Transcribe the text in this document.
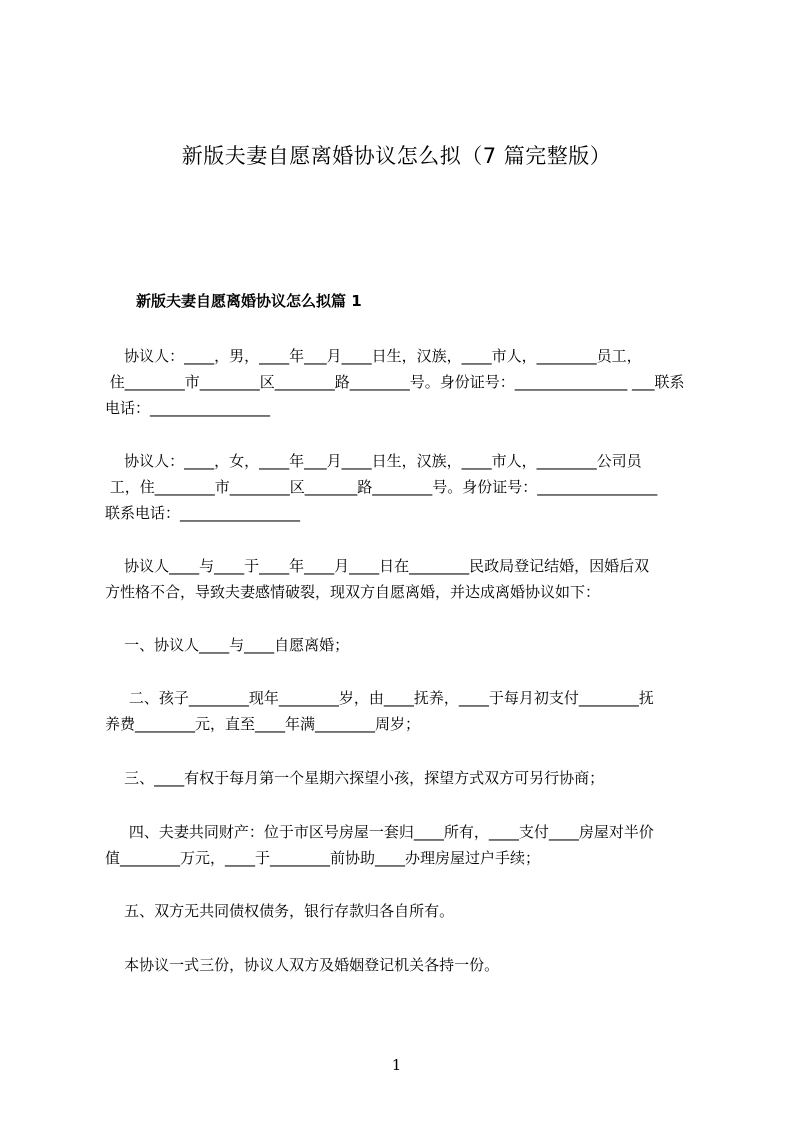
新版夫妻自愿离婚协议怎么拟（7 篇完整版）
新版夫妻自愿离婚协议怎么拟篇 1
协议人：____，男，____年___月____日生，汉族，____市人，________员工，
住________市________区________路________号。身份证号：_______________ ___联系
电话：________________
协议人：____，女，____年___月____日生，汉族，____市人，________公司员
工，住________市________区_______路________号。身份证号：________________
联系电话：________________
协议人____与____于____年____月____日在________民政局登记结婚，因婚后双
方性格不合，导致夫妻感情破裂，现双方自愿离婚，并达成离婚协议如下：
一、协议人____与____自愿离婚；
二、孩子________现年________岁，由____抚养，____于每月初支付________抚
养费________元，直至____年满________周岁；
三、____有权于每月第一个星期六探望小孩，探望方式双方可另行协商；
四、夫妻共同财产：位于市区号房屋一套归____所有，____支付____房屋对半价
值________万元，____于________前协助____办理房屋过户手续；
五、双方无共同债权债务，银行存款归各自所有。
本协议一式三份，协议人双方及婚姻登记机关各持一份。
1
